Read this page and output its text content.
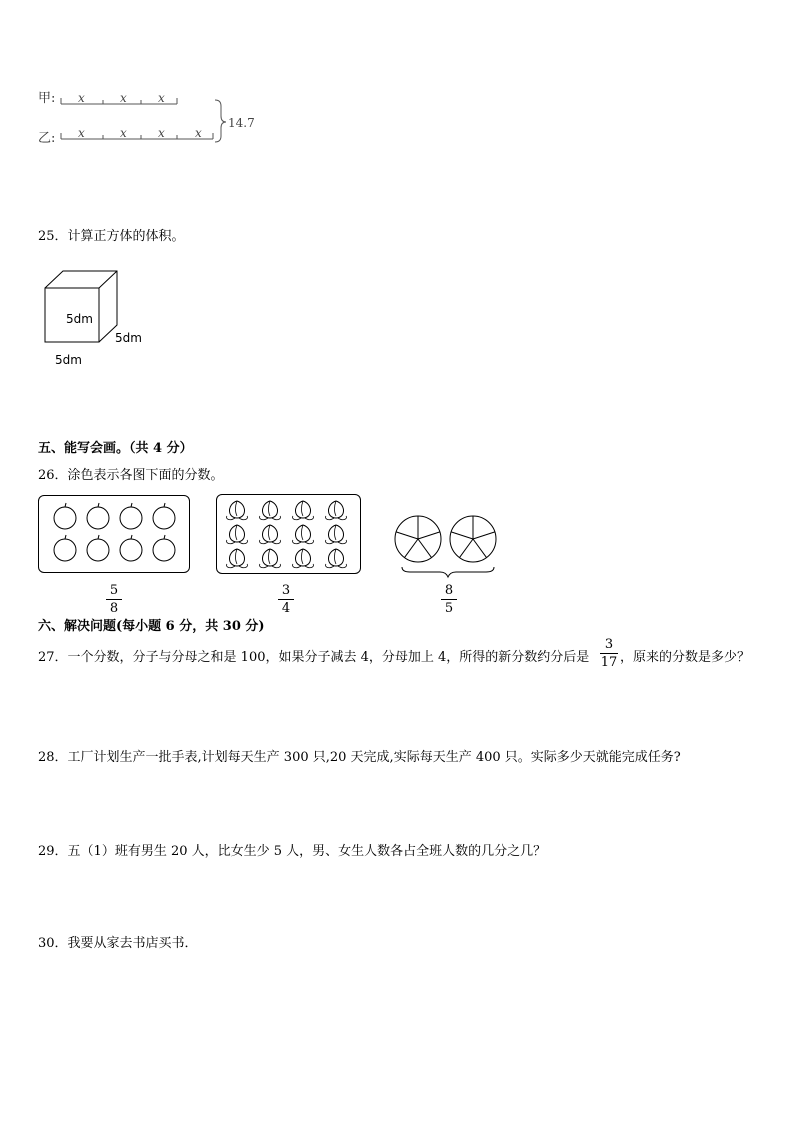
甲:
乙:
x	x	x
x	x	x	x
14.7
25．计算正方体的体积。
5dm
5dm
5dm
五、能写会画。（共 4 分）
26．涂色表示各图下面的分数。
5
8
3
4
8
5
六、解决问题(每小题 6 分，共 30 分)
27．一个分数，分子与分母之和是 100，如果分子减去 4，分母加上 4，所得的新分数约分后是
3
17 ，原来的分数是多少？
28．工厂计划生产一批手表,计划每天生产 300 只,20 天完成,实际每天生产 400 只。实际多少天就能完成任务?
29．五（1）班有男生 20 人，比女生少 5 人，男、女生人数各占全班人数的几分之几？
30．我要从家去书店买书．
